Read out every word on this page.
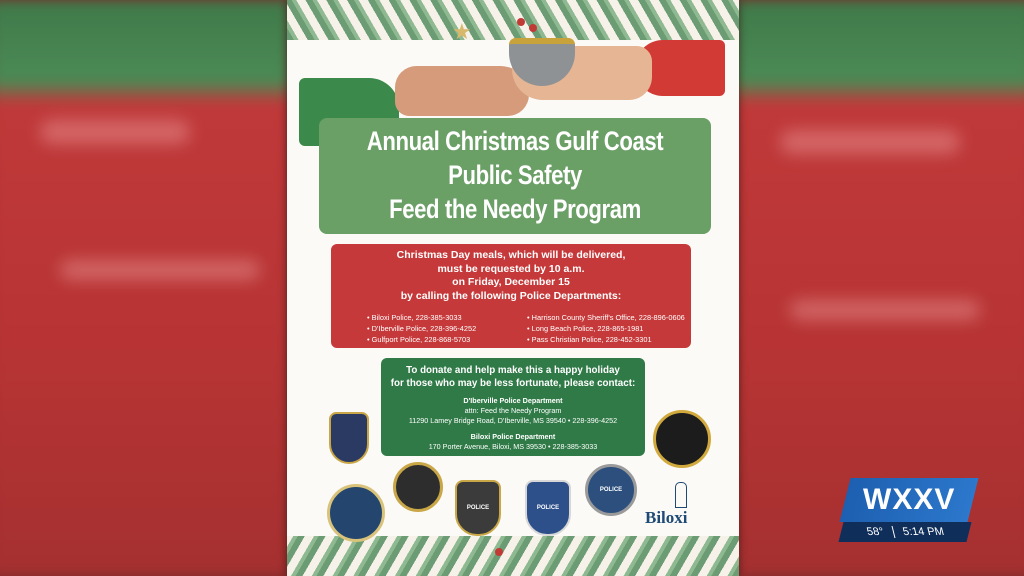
★
Annual Christmas Gulf Coast
Public Safety
Feed the Needy Program
Christmas Day meals, which will be delivered,
must be requested by 10 a.m.
on Friday, December 15
by calling the following Police Departments:
• Biloxi Police, 228-385-3033
• D'Iberville Police, 228-396-4252
• Gulfport Police, 228-868-5703
• Harrison County Sheriff's Office, 228-896-0606
• Long Beach Police, 228-865-1981
• Pass Christian Police, 228-452-3301
To donate and help make this a happy holiday
for those who may be less fortunate, please contact:
D'Iberville Police Department
attn: Feed the Needy Program
11290 Lamey Bridge Road, D'Iberville, MS 39540 • 228-396-4252
Biloxi Police Department
170 Porter Avenue, Biloxi, MS 39530 • 228-385-3033
POLICE	POLICE
POLICE
Biloxi
WXXV
58° 5:14 PM
